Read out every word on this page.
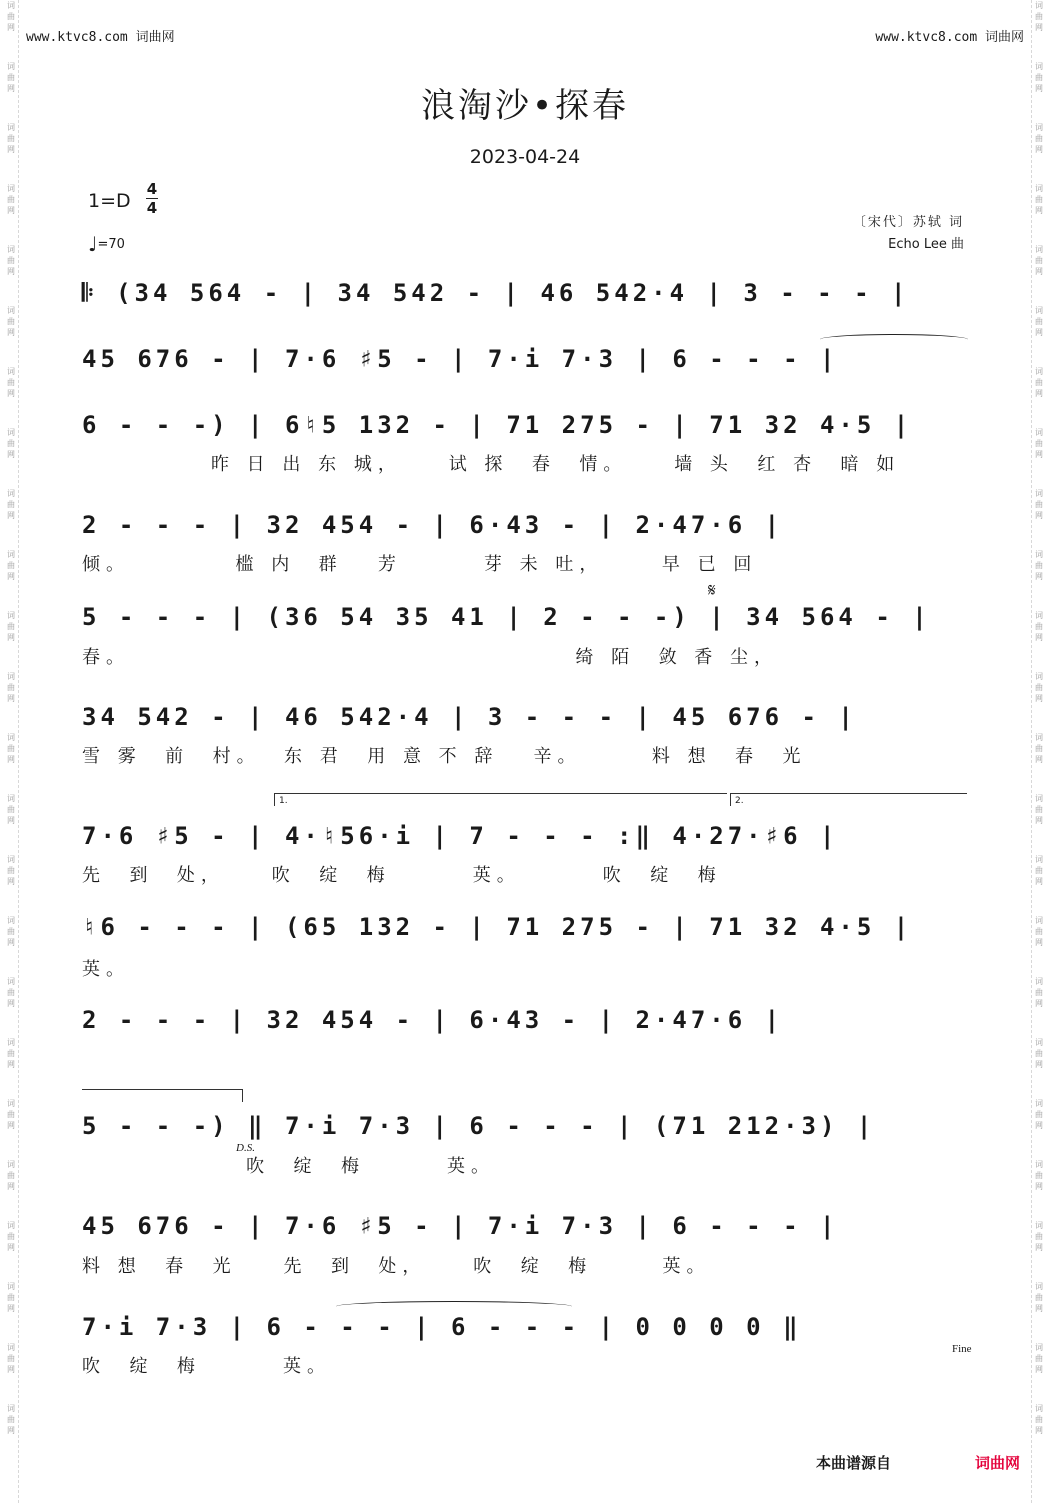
词曲网
词曲网
词曲网
词曲网
词曲网
词曲网
词曲网
词曲网
词曲网
词曲网
词曲网
词曲网
词曲网
词曲网
词曲网
词曲网
词曲网
词曲网
词曲网
词曲网
词曲网
词曲网
词曲网
词曲网
词曲网
词曲网
词曲网
词曲网
词曲网
词曲网
词曲网
词曲网
词曲网
词曲网
词曲网
词曲网
词曲网
词曲网
词曲网
词曲网
词曲网
词曲网
词曲网
词曲网
词曲网
词曲网
词曲网
词曲网
www.ktvc8.com 词曲网	www.ktvc8.com 词曲网
浪淘沙•探春
2023-04-24
1=D
4
4
♩=70
〔宋代〕苏轼 词
Echo Lee 曲
𝄆 (34 564 - | 34 542 - | 46 542·4 | 3 - - - |
45 676 - | 7·6 ♯5 - | 7·i 7·3 | 6 - - - |
6 - - -) | 6♮5 132 - | 71 275 - | 71 32 4·5 |
昨 日 出 东 城，    试 探  春  情。    墙 头  红 杏  暗 如
2 - - - | 32 454 - | 6·43 - | 2·47·6 |
倾。         槛 内  群   芳       芽 未 吐，     早 已 回
𝄋
5 - - - | (36 54 35 41 | 2 - - -) | 34 564 - |
春。                                      绮 陌  敛 香 尘，
34 542 - | 46 542·4 | 3 - - - | 45 676 - |
雪 雾  前  村。  东 君  用 意 不 辞   辛。      料 想  春  光
1.	2.
7·6 ♯5 - | 4·♮56·i | 7 - - - :‖ 4·27·♯6 |
先  到  处，    吹  绽  梅       英。       吹  绽  梅
♮6 - - - | (65 132 - | 71 275 - | 71 32 4·5 |
英。
2 - - - | 32 454 - | 6·43 - | 2·47·6 |
5 - - -) ‖ 7·i 7·3 | 6 - - - | (71 212·3) |
D.S.
吹  绽  梅       英。
45 676 - | 7·6 ♯5 - | 7·i 7·3 | 6 - - - |
料 想  春  光    先  到  处，    吹  绽  梅      英。
7·i 7·3 | 6 - - - | 6 - - - | 0 0 0 0 ‖
Fine
吹  绽  梅       英。
本曲谱源自	词曲网
